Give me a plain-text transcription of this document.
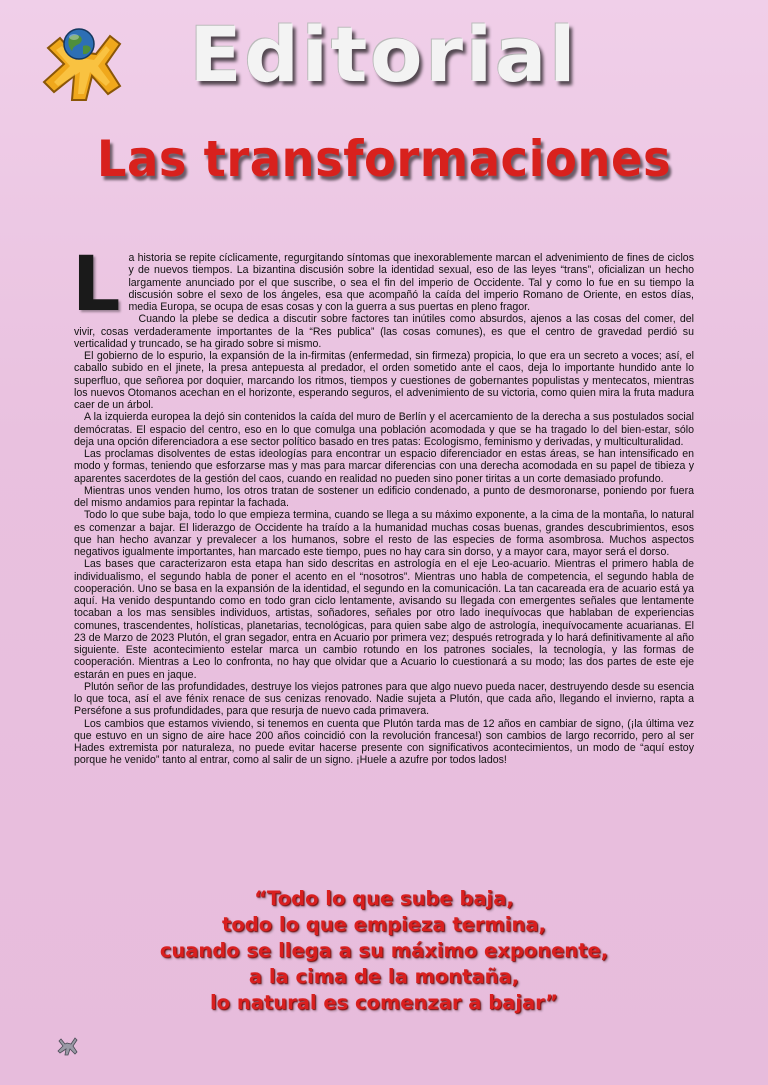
Editorial
Las transformaciones
L a historia se repite cíclicamente, regurgitando síntomas que inexorablemente marcan el advenimiento de fines de ciclos y de nuevos tiempos. La bizantina discusión sobre la identidad sexual, eso de las leyes “trans”, oficializan un hecho largamente anunciado por el que suscribe, o sea el fin del imperio de Occidente. Tal y como lo fue en su tiempo la discusión sobre el sexo de los ángeles, esa que acompañó la caída del imperio Romano de Oriente, en estos días, media Europa, se ocupa de esas cosas y con la guerra a sus puertas en pleno fragor.

Cuando la plebe se dedica a discutir sobre factores tan inútiles como absurdos, ajenos a las cosas del comer, del vivir, cosas verdaderamente importantes de la “Res publica” (las cosas comunes), es que el centro de gravedad perdió su verticalidad y truncado, se ha girado sobre si mismo.

El gobierno de lo espurio, la expansión de la in-firmitas (enfermedad, sin firmeza) propicia, lo que era un secreto a voces; así, el caballo subido en el jinete, la presa antepuesta al predador, el orden sometido ante el caos, deja lo importante hundido ante lo superfluo, que señorea por doquier, marcando los ritmos, tiempos y cuestiones de gobernantes populistas y mentecatos, mientras los nuevos Otomanos acechan en el horizonte, esperando seguros, el advenimiento de su victoria, como quien mira la fruta madura caer de un árbol.

A la izquierda europea la dejó sin contenidos la caída del muro de Berlín y el acercamiento de la derecha a sus postulados social demócratas. El espacio del centro, eso en lo que comulga una población acomodada y que se ha tragado lo del bien-estar, sólo deja una opción diferenciadora a ese sector político basado en tres patas: Ecologismo, feminismo y derivadas, y multiculturalidad.

Las proclamas disolventes de estas ideologías para encontrar un espacio diferenciador en estas áreas, se han intensificado en modo y formas, teniendo que esforzarse mas y mas para marcar diferencias con una derecha acomodada en su papel de tibieza y aparentes sacerdotes de la gestión del caos, cuando en realidad no pueden sino poner tiritas a un corte demasiado profundo.

Mientras unos venden humo, los otros tratan de sostener un edificio condenado, a punto de desmoronarse, poniendo por fuera del mismo andamios para repintar la fachada.

Todo lo que sube baja, todo lo que empieza termina, cuando se llega a su máximo exponente, a la cima de la montaña, lo natural es comenzar a bajar. El liderazgo de Occidente ha traído a la humanidad muchas cosas buenas, grandes descubrimientos, esos que han hecho avanzar y prevalecer a los humanos, sobre el resto de las especies de forma asombrosa. Muchos aspectos negativos igualmente importantes, han marcado este tiempo, pues no hay cara sin dorso, y a mayor cara, mayor será el dorso.

Las bases que caracterizaron esta etapa han sido descritas en astrología en el eje Leo-acuario. Mientras el primero habla de individualismo, el segundo habla de poner el acento en el “nosotros”. Mientras uno habla de competencia, el segundo habla de cooperación. Uno se basa en la expansión de la identidad, el segundo en la comunicación. La tan cacareada era de acuario está ya aquí. Ha venido despuntando como en todo gran ciclo lentamente, avisando su llegada con emergentes señales que lentamente tocaban a los mas sensibles individuos, artistas, soñadores, señales por otro lado inequívocas que hablaban de experiencias comunes, trascendentes, holísticas, planetarias, tecnológicas, para quien sabe algo de astrología, inequívocamente acuarianas. El 23 de Marzo de 2023 Plutón, el gran segador, entra en Acuario por primera vez; después retrograda y lo hará definitivamente al año siguiente. Este acontecimiento estelar marca un cambio rotundo en los patrones sociales, la tecnología, y las formas de cooperación. Mientras a Leo lo confronta, no hay que olvidar que a Acuario lo cuestionará a su modo; las dos partes de este eje estarán en pues en jaque.

Plutón señor de las profundidades, destruye los viejos patrones para que algo nuevo pueda nacer, destruyendo desde su esencia lo que toca, así el ave fénix renace de sus cenizas renovado. Nadie sujeta a Plutón, que cada año, llegando el invierno, rapta a Perséfone a sus profundidades, para que resurja de nuevo cada primavera.

Los cambios que estamos viviendo, si tenemos en cuenta que Plutón tarda mas de 12 años en cambiar de signo, (¡la última vez que estuvo en un signo de aire hace 200 años coincidió con la revolución francesa!) son cambios de largo recorrido, pero al ser Hades extremista por naturaleza, no puede evitar hacerse presente con significativos acontecimientos, un modo de “aquí estoy porque he venido” tanto al entrar, como al salir de un signo. ¡Huele a azufre por todos lados!

“Todo lo que sube baja,
todo lo que empieza termina,
cuando se llega a su máximo exponente,
a la cima de la montaña,
lo natural es comenzar a bajar”
